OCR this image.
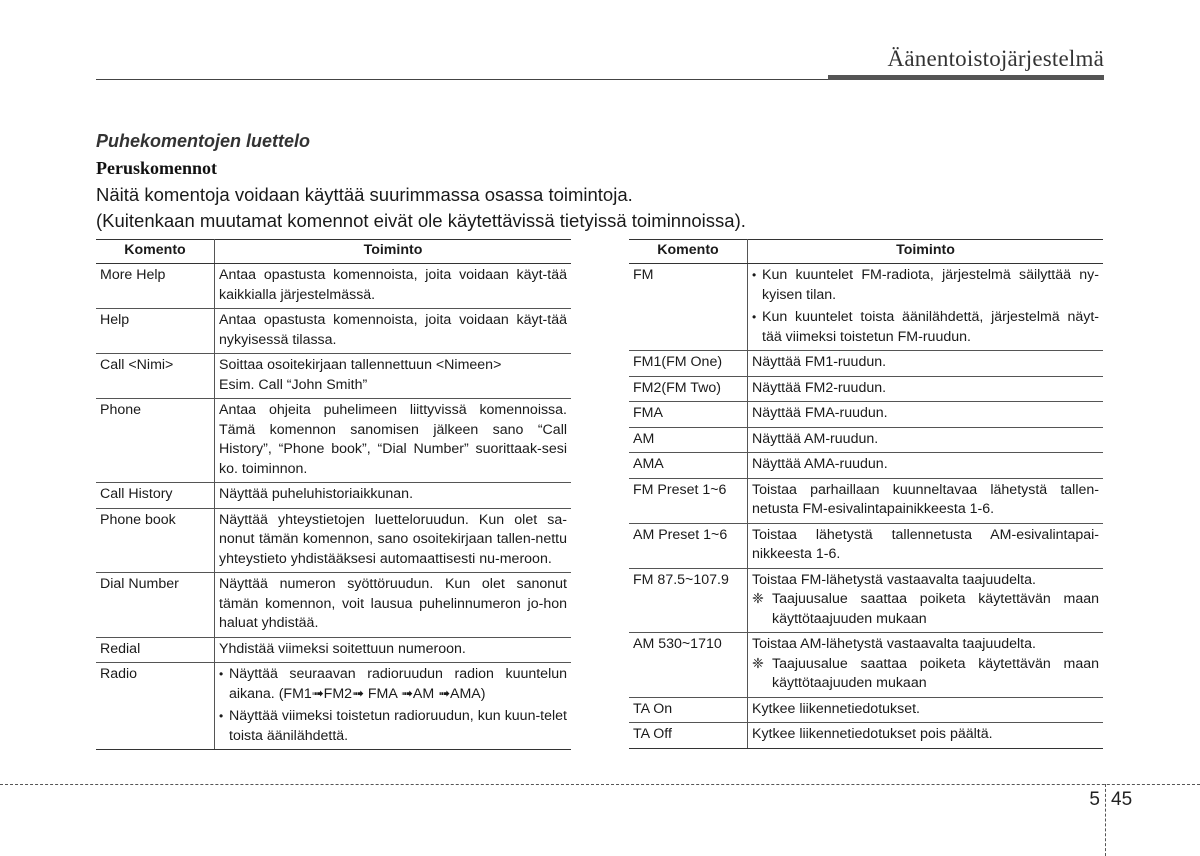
Äänentoistojärjestelmä
Puhekomentojen luettelo
Peruskomennot
Näitä komentoja voidaan käyttää suurimmassa osassa toimintoja.
(Kuitenkaan muutamat komennot eivät ole käytettävissä tietyissä toiminnoissa).
Komento	Toiminto
More Help	Antaa opastusta komennoista, joita voidaan käyt-tää kaikkialla järjestelmässä.
Help	Antaa opastusta komennoista, joita voidaan käyt-tää nykyisessä tilassa.
Call <Nimi>	Soittaa osoitekirjaan tallennettuun <Nimeen>
Esim. Call “John Smith”

Phone	Antaa ohjeita puhelimeen liittyvissä komennoissa. Tämä komennon sanomisen jälkeen sano “Call History”, “Phone book”, “Dial Number” suorittaak-sesi ko. toiminnon.
Call History	Näyttää puheluhistoriaikkunan.
Phone book	Näyttää yhteystietojen luetteloruudun. Kun olet sa-nonut tämän komennon, sano osoitekirjaan tallen-nettu yhteystieto yhdistääksesi automaattisesti nu-meroon.
Dial Number	Näyttää numeron syöttöruudun. Kun olet sanonut tämän komennon, voit lausua puhelinnumeron jo-hon haluat yhdistää.
Redial	Yhdistää viimeksi soitettuun numeroon.
Radio	• Näyttää seuraavan radioruudun radion kuuntelun aikana. (FM1➟FM2➟ FMA ➟AM ➟AMA)
• Näyttää viimeksi toistetun radioruudun, kun kuun-telet toista äänilähdettä.
Komento	Toiminto
FM	• Kun kuuntelet FM-radiota, järjestelmä säilyttää ny-kyisen tilan.
• Kun kuuntelet toista äänilähdettä, järjestelmä näyt-tää viimeksi toistetun FM-ruudun.

FM1(FM One)	Näyttää FM1-ruudun.
FM2(FM Two)	Näyttää FM2-ruudun.
FMA	Näyttää FMA-ruudun.
AM	Näyttää AM-ruudun.
AMA	Näyttää AMA-ruudun.
FM Preset 1~6	Toistaa parhaillaan kuunneltavaa lähetystä tallen-netusta FM-esivalintapainikkeesta 1-6.
AM Preset 1~6	Toistaa lähetystä tallennetusta AM-esivalintapai-nikkeesta 1-6.
FM 87.5~107.9	Toistaa FM-lähetystä vastaavalta taajuudelta.
❈ Taajuusalue saattaa poiketa käytettävän maan käyttötaajuuden mukaan

AM 530~1710	Toistaa AM-lähetystä vastaavalta taajuudelta.
❈ Taajuusalue saattaa poiketa käytettävän maan käyttötaajuuden mukaan

TA On	Kytkee liikennetiedotukset.
TA Off	Kytkee liikennetiedotukset pois päältä.
5 45
